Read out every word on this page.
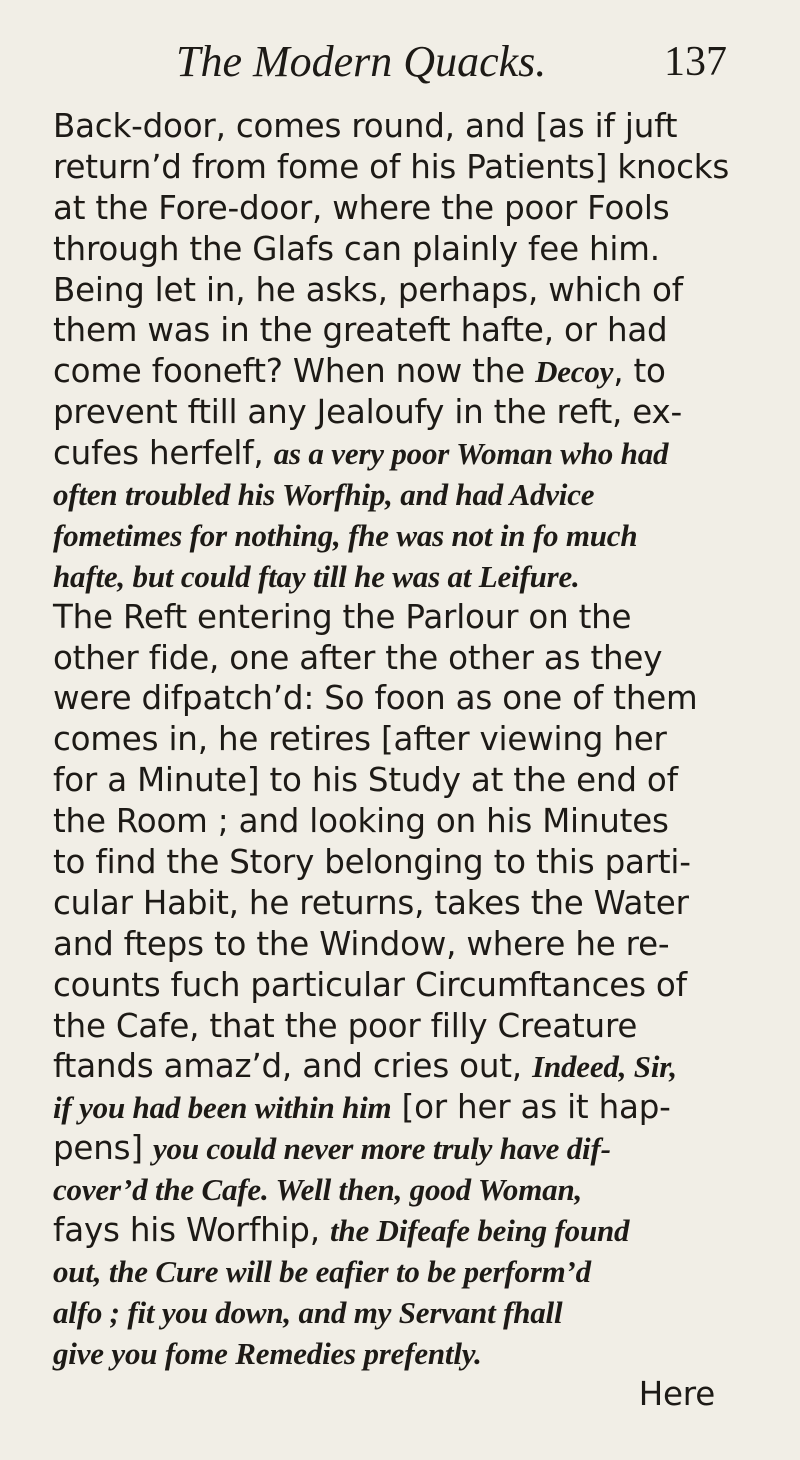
The Modern Quacks.	137
Back-door, comes round, and [as if juft
return’d from fome of his Patients] knocks
at the Fore-door, where the poor Fools
through the Glafs can plainly fee him.
Being let in, he asks, perhaps, which of
them was in the greateft hafte, or had
come fooneft? When now the Decoy, to
prevent ftill any Jealoufy in the reft, ex-
cufes herfelf, as a very poor Woman who had
often troubled his Worfhip, and had Advice
fometimes for nothing, fhe was not in fo much
hafte, but could ftay till he was at Leifure.
The Reft entering the Parlour on the
other fide, one after the other as they
were difpatch’d: So foon as one of them
comes in, he retires [after viewing her
for a Minute] to his Study at the end of
the Room ; and looking on his Minutes
to find the Story belonging to this parti-
cular Habit, he returns, takes the Water
and fteps to the Window, where he re-
counts fuch particular Circumftances of
the Cafe, that the poor filly Creature
ftands amaz’d, and cries out, Indeed, Sir,
if you had been within him [or her as it hap-
pens] you could never more truly have dif-
cover’d the Cafe. Well then, good Woman,
fays his Worfhip, the Difeafe being found
out, the Cure will be eafier to be perform’d
alfo ; fit you down, and my Servant fhall
give you fome Remedies prefently.
Here
